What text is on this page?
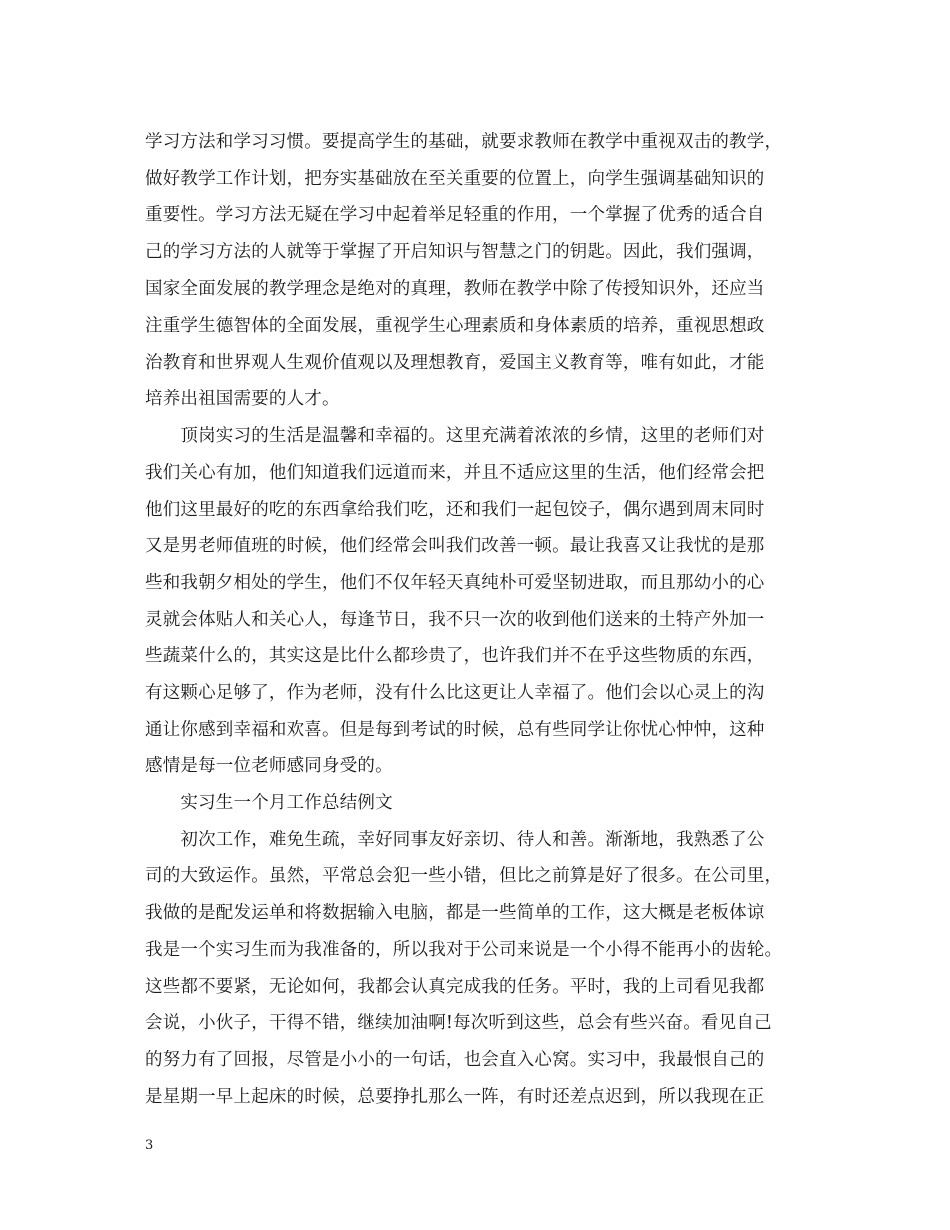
学习方法和学习习惯。要提高学生的基础，就要求教师在教学中重视双击的教学，
做好教学工作计划，把夯实基础放在至关重要的位置上，向学生强调基础知识的
重要性。学习方法无疑在学习中起着举足轻重的作用，一个掌握了优秀的适合自
己的学习方法的人就等于掌握了开启知识与智慧之门的钥匙。因此，我们强调，
国家全面发展的教学理念是绝对的真理，教师在教学中除了传授知识外，还应当
注重学生德智体的全面发展，重视学生心理素质和身体素质的培养，重视思想政
治教育和世界观人生观价值观以及理想教育，爱国主义教育等，唯有如此，才能
培养出祖国需要的人才。
　　顶岗实习的生活是温馨和幸福的。这里充满着浓浓的乡情，这里的老师们对
我们关心有加，他们知道我们远道而来，并且不适应这里的生活，他们经常会把
他们这里最好的吃的东西拿给我们吃，还和我们一起包饺子，偶尔遇到周末同时
又是男老师值班的时候，他们经常会叫我们改善一顿。最让我喜又让我忧的是那
些和我朝夕相处的学生，他们不仅年轻天真纯朴可爱坚韧进取，而且那幼小的心
灵就会体贴人和关心人，每逢节日，我不只一次的收到他们送来的土特产外加一
些蔬菜什么的，其实这是比什么都珍贵了，也许我们并不在乎这些物质的东西，
有这颗心足够了，作为老师，没有什么比这更让人幸福了。他们会以心灵上的沟
通让你感到幸福和欢喜。但是每到考试的时候，总有些同学让你忧心忡忡，这种
感情是每一位老师感同身受的。
　　实习生一个月工作总结例文
　　初次工作，难免生疏，幸好同事友好亲切、待人和善。渐渐地，我熟悉了公
司的大致运作。虽然，平常总会犯一些小错，但比之前算是好了很多。在公司里，
我做的是配发运单和将数据输入电脑，都是一些简单的工作，这大概是老板体谅
我是一个实习生而为我准备的，所以我对于公司来说是一个小得不能再小的齿轮。
这些都不要紧，无论如何，我都会认真完成我的任务。平时，我的上司看见我都
会说，小伙子，干得不错，继续加油啊!每次听到这些，总会有些兴奋。看见自己
的努力有了回报，尽管是小小的一句话，也会直入心窝。实习中，我最恨自己的
是星期一早上起床的时候，总要挣扎那么一阵，有时还差点迟到，所以我现在正
3
